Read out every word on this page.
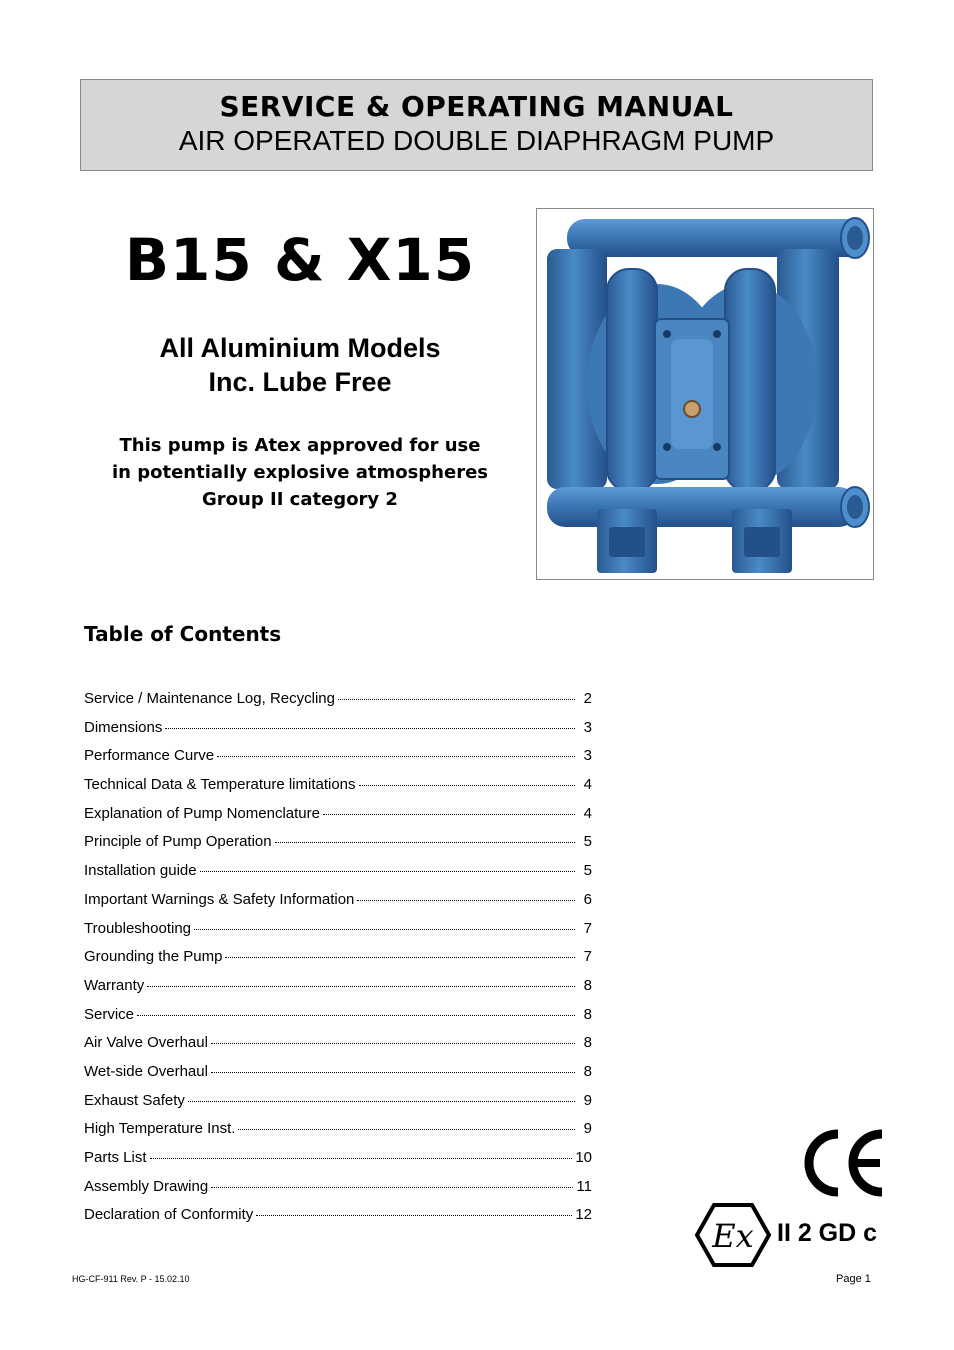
SERVICE & OPERATING MANUAL
AIR OPERATED DOUBLE DIAPHRAGM PUMP
B15 & X15
All Aluminium Models
Inc. Lube Free
This pump is Atex approved for use
in potentially explosive atmospheres
Group II category 2
Table of Contents
Service / Maintenance Log, Recycling	2
Dimensions	3
Performance Curve	3
Technical Data & Temperature limitations	4
Explanation of Pump Nomenclature	4
Principle of Pump Operation	5
Installation guide	5
Important Warnings & Safety Information	6
Troubleshooting	7
Grounding the Pump	7
Warranty	8
Service	8
Air Valve Overhaul	8
Wet-side Overhaul	8
Exhaust Safety	9
High Temperature Inst.	9
Parts List	10
Assembly Drawing	11
Declaration of Conformity	12
Ex II 2 GD c
HG-CF-911 Rev. P - 15.02.10	Page 1
